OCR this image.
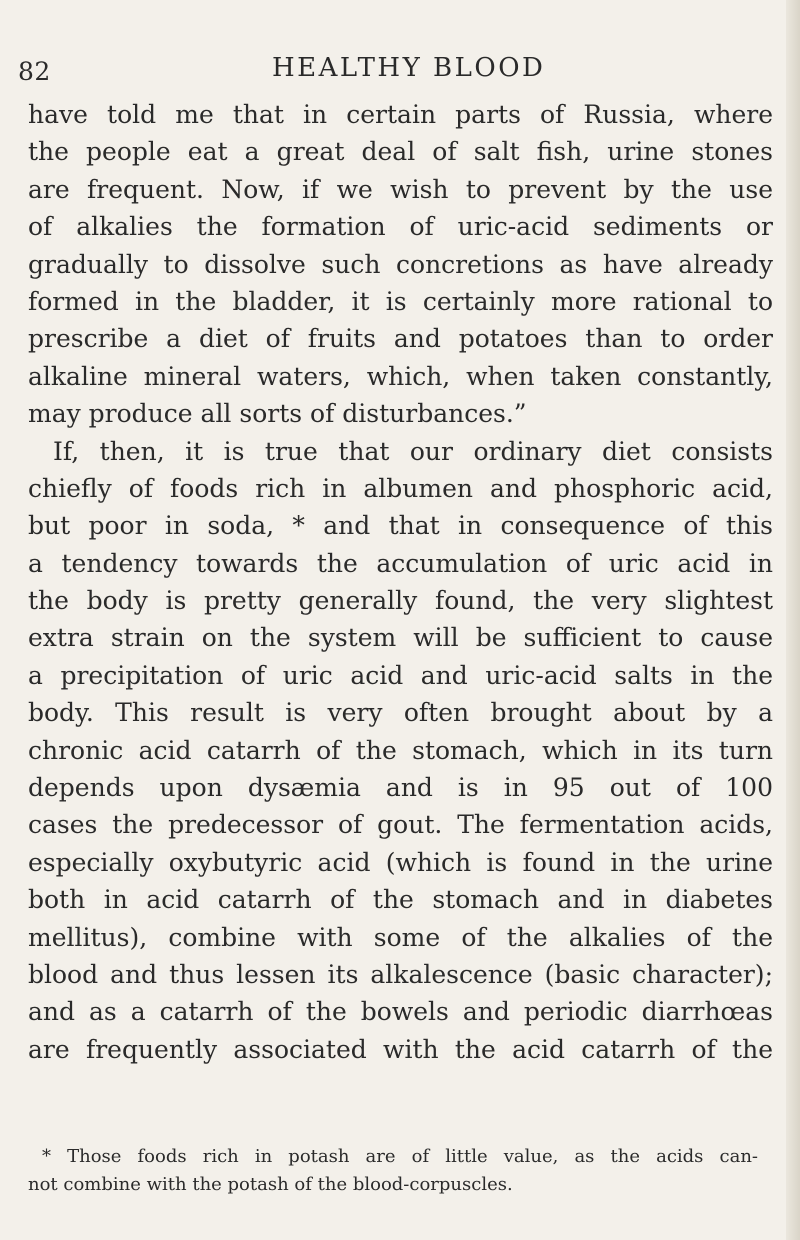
82	HEALTHY BLOOD
have told me that in certain parts of Russia, where
the people eat a great deal of salt fish, urine stones
are frequent. Now, if we wish to prevent by the use
of alkalies the formation of uric-acid sediments or
gradually to dissolve such concretions as have already
formed in the bladder, it is certainly more rational to
prescribe a diet of fruits and potatoes than to order
alkaline mineral waters, which, when taken constantly,
may produce all sorts of disturbances.”
If, then, it is true that our ordinary diet consists
chiefly of foods rich in albumen and phosphoric acid,
but poor in soda, * and that in consequence of this
a tendency towards the accumulation of uric acid in
the body is pretty generally found, the very slightest
extra strain on the system will be sufficient to cause
a precipitation of uric acid and uric-acid salts in the
body. This result is very often brought about by a
chronic acid catarrh of the stomach, which in its turn
depends upon dysæmia and is in 95 out of 100
cases the predecessor of gout. The fermentation acids,
especially oxybutyric acid (which is found in the urine
both in acid catarrh of the stomach and in diabetes
mellitus), combine with some of the alkalies of the
blood and thus lessen its alkalescence (basic character);
and as a catarrh of the bowels and periodic diarrhœas
are frequently associated with the acid catarrh of the
* Those foods rich in potash are of little value, as the acids can-
not combine with the potash of the blood-corpuscles.
